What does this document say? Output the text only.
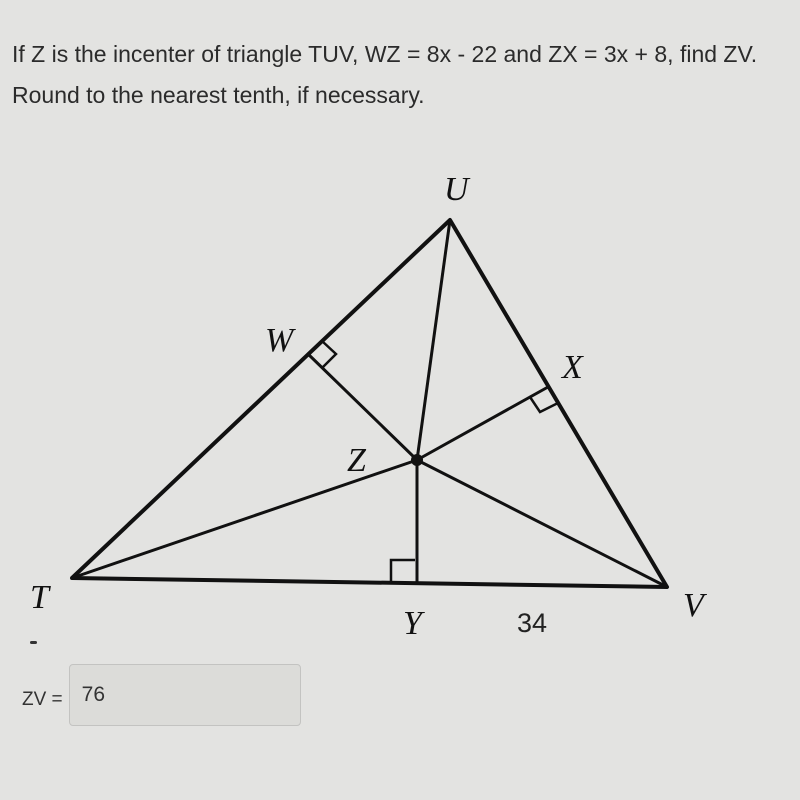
If Z is the incenter of triangle TUV, WZ = 8x - 22 and ZX = 3x + 8, find ZV. Round to the nearest tenth, if necessary.

U
W
X
Z
T
Y	V
34
ZV = 76
